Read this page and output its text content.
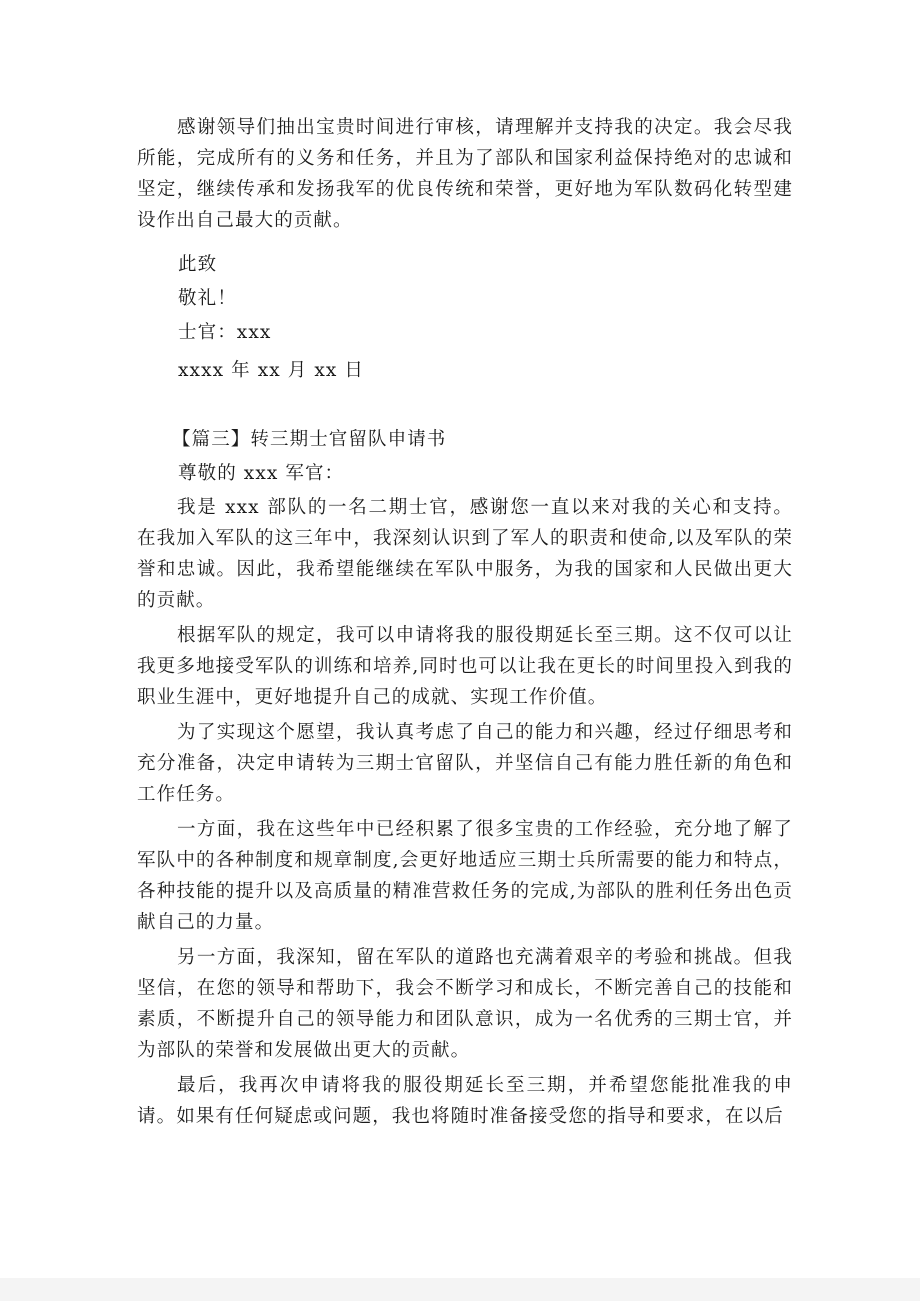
感谢领导们抽出宝贵时间进行审核，请理解并支持我的决定。我会尽我所能，完成所有的义务和任务，并且为了部队和国家利益保持绝对的忠诚和坚定，继续传承和发扬我军的优良传统和荣誉，更好地为军队数码化转型建设作出自己最大的贡献。

此致
敬礼！
士官：xxx
xxxx 年 xx 月 xx 日
【篇三】转三期士官留队申请书
尊敬的 xxx 军官：

我是 xxx 部队的一名二期士官，感谢您一直以来对我的关心和支持。在我加入军队的这三年中，我深刻认识到了军人的职责和使命,以及军队的荣誉和忠诚。因此，我希望能继续在军队中服务，为我的国家和人民做出更大的贡献。

根据军队的规定，我可以申请将我的服役期延长至三期。这不仅可以让我更多地接受军队的训练和培养,同时也可以让我在更长的时间里投入到我的职业生涯中，更好地提升自己的成就、实现工作价值。

为了实现这个愿望，我认真考虑了自己的能力和兴趣，经过仔细思考和充分准备，决定申请转为三期士官留队，并坚信自己有能力胜任新的角色和工作任务。

一方面，我在这些年中已经积累了很多宝贵的工作经验，充分地了解了军队中的各种制度和规章制度,会更好地适应三期士兵所需要的能力和特点，各种技能的提升以及高质量的精准营救任务的完成,为部队的胜利任务出色贡献自己的力量。

另一方面，我深知，留在军队的道路也充满着艰辛的考验和挑战。但我坚信，在您的领导和帮助下，我会不断学习和成长，不断完善自己的技能和素质，不断提升自己的领导能力和团队意识，成为一名优秀的三期士官，并为部队的荣誉和发展做出更大的贡献。

最后，我再次申请将我的服役期延长至三期，并希望您能批准我的申请。如果有任何疑虑或问题，我也将随时准备接受您的指导和要求，在以后
